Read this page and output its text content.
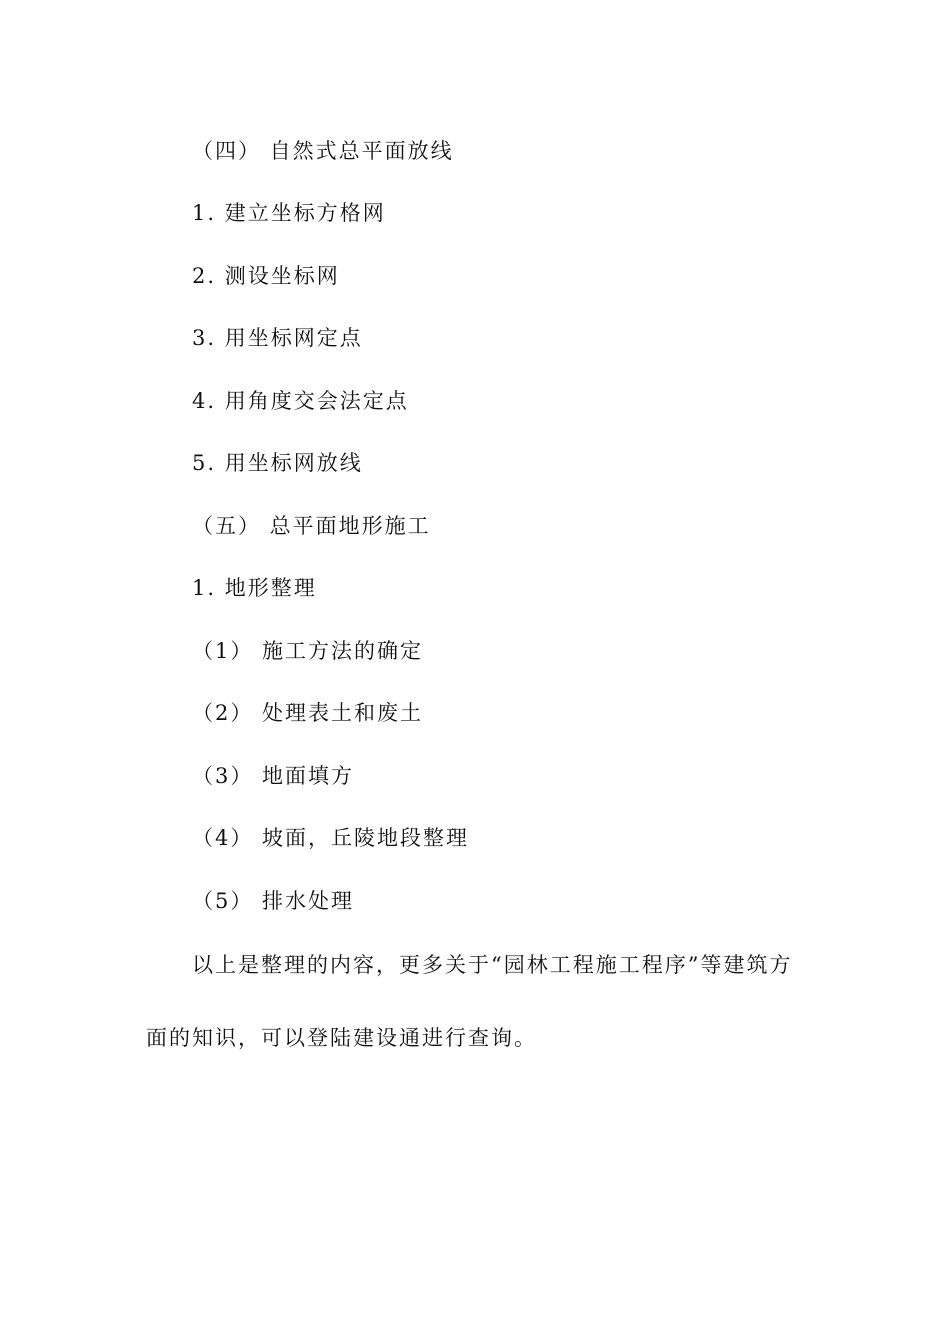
（四） 自然式总平面放线
1. 建立坐标方格网
2. 测设坐标网
3. 用坐标网定点
4. 用角度交会法定点
5. 用坐标网放线
（五） 总平面地形施工
1. 地形整理
（1） 施工方法的确定
（2） 处理表土和废土
（3） 地面填方
（4） 坡面，丘陵地段整理
（5） 排水处理
以上是整理的内容，更多关于“园林工程施工程序”等建筑方
面的知识，可以登陆建设通进行查询。
